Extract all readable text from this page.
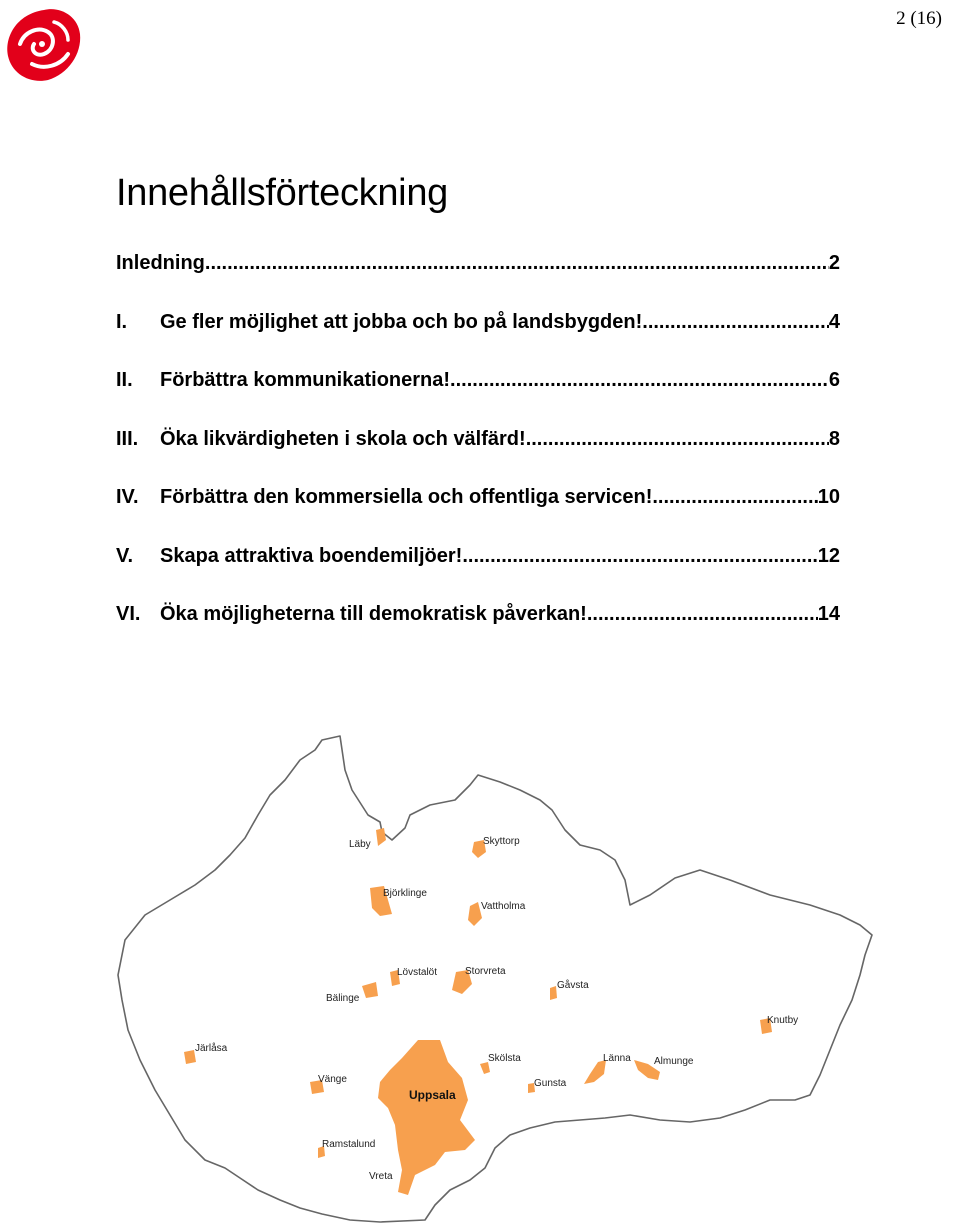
2 (16)
Innehållsförteckning
Inledning .....	2
I.	Ge fler möjlighet att jobba och bo på landsbygden! .....	4
II.	Förbättra kommunikationerna! .....	6
III.	Öka likvärdigheten i skola och välfärd! .....	8
IV.	Förbättra den kommersiella och offentliga servicen! .....	10
V.	Skapa attraktiva boendemiljöer! .....	12
VI. Öka möjligheterna till demokratisk påverkan! .....	14
Läby	Skyttorp
Björklinge
Vattholma
Lövstalöt	Storvreta
Bälinge
Gåvsta
Knutby
Järlåsa
Skölsta	Länna Almunge
Vänge	Gunsta
Uppsala
Ramstalund
Vreta
